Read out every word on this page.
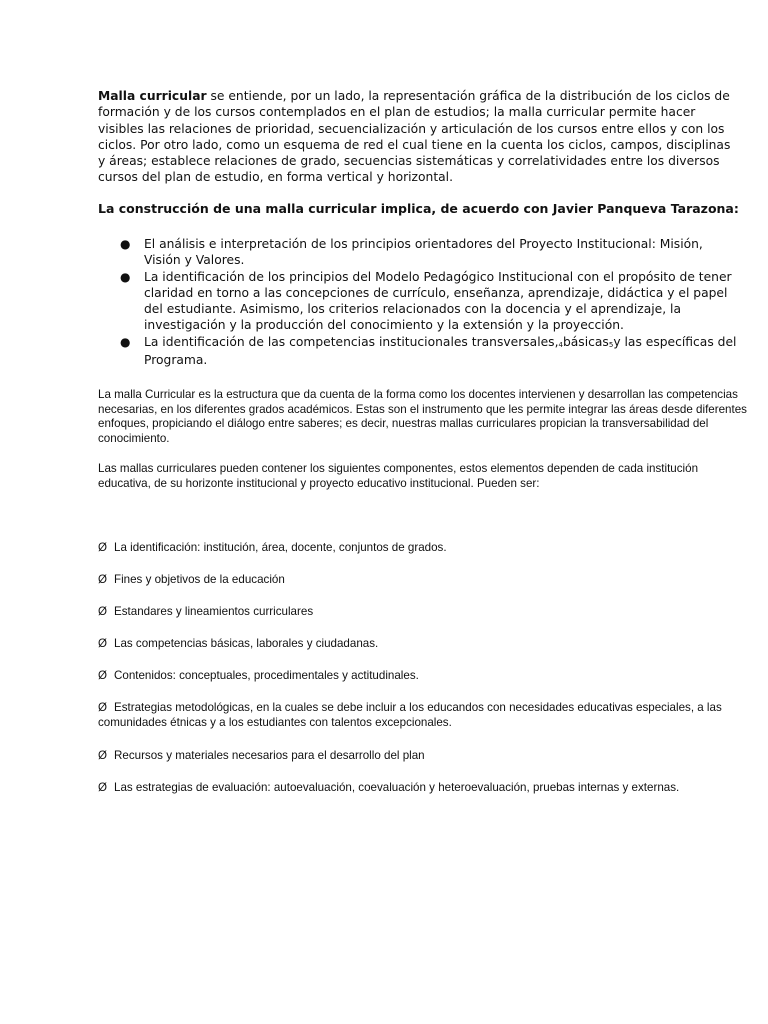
Malla curricular se entiende, por un lado, la representación gráfica de la distribución de los ciclos de formación y de los cursos contemplados en el plan de estudios; la malla curricular permite hacer visibles las relaciones de prioridad, secuencialización y articulación de los cursos entre ellos y con los ciclos. Por otro lado, como un esquema de red el cual tiene en la cuenta los ciclos, campos, disciplinas y áreas; establece relaciones de grado, secuencias sistemáticas y correlatividades entre los diversos cursos del plan de estudio, en forma vertical y horizontal.

La construcción de una malla curricular implica, de acuerdo con Javier Panqueva Tarazona:

● El análisis e interpretación de los principios orientadores del Proyecto Institucional: Misión, Visión y Valores.
● La identificación de los principios del Modelo Pedagógico Institucional con el propósito de tener claridad en torno a las concepciones de currículo, enseñanza, aprendizaje, didáctica y el papel del estudiante. Asimismo, los criterios relacionados con la docencia y el aprendizaje, la investigación y la producción del conocimiento y la extensión y la proyección.
● La identificación de las competencias institucionales transversales,4básicas5y las específicas del Programa.

La malla Curricular es la estructura que da cuenta de la forma como los docentes intervienen y desarrollan las competencias necesarias, en los diferentes grados académicos. Estas son el instrumento que les permite integrar las áreas desde diferentes enfoques, propiciando el diálogo entre saberes; es decir, nuestras mallas curriculares propician la transversabilidad del conocimiento.

Las mallas curriculares pueden contener los siguientes componentes, estos elementos dependen de cada institución educativa, de su horizonte institucional y proyecto educativo institucional. Pueden ser:

Ø La identificación: institución, área, docente, conjuntos de grados.

Ø Fines y objetivos de la educación

Ø Estandares y lineamientos curriculares

Ø Las competencias básicas, laborales y ciudadanas.

Ø Contenidos: conceptuales, procedimentales y actitudinales.

Ø Estrategias metodológicas, en la cuales se debe incluir a los educandos con necesidades educativas especiales, a las comunidades étnicas y a los estudiantes con talentos excepcionales.

Ø Recursos y materiales necesarios para el desarrollo del plan

Ø Las estrategias de evaluación: autoevaluación, coevaluación y heteroevaluación, pruebas internas y externas.
